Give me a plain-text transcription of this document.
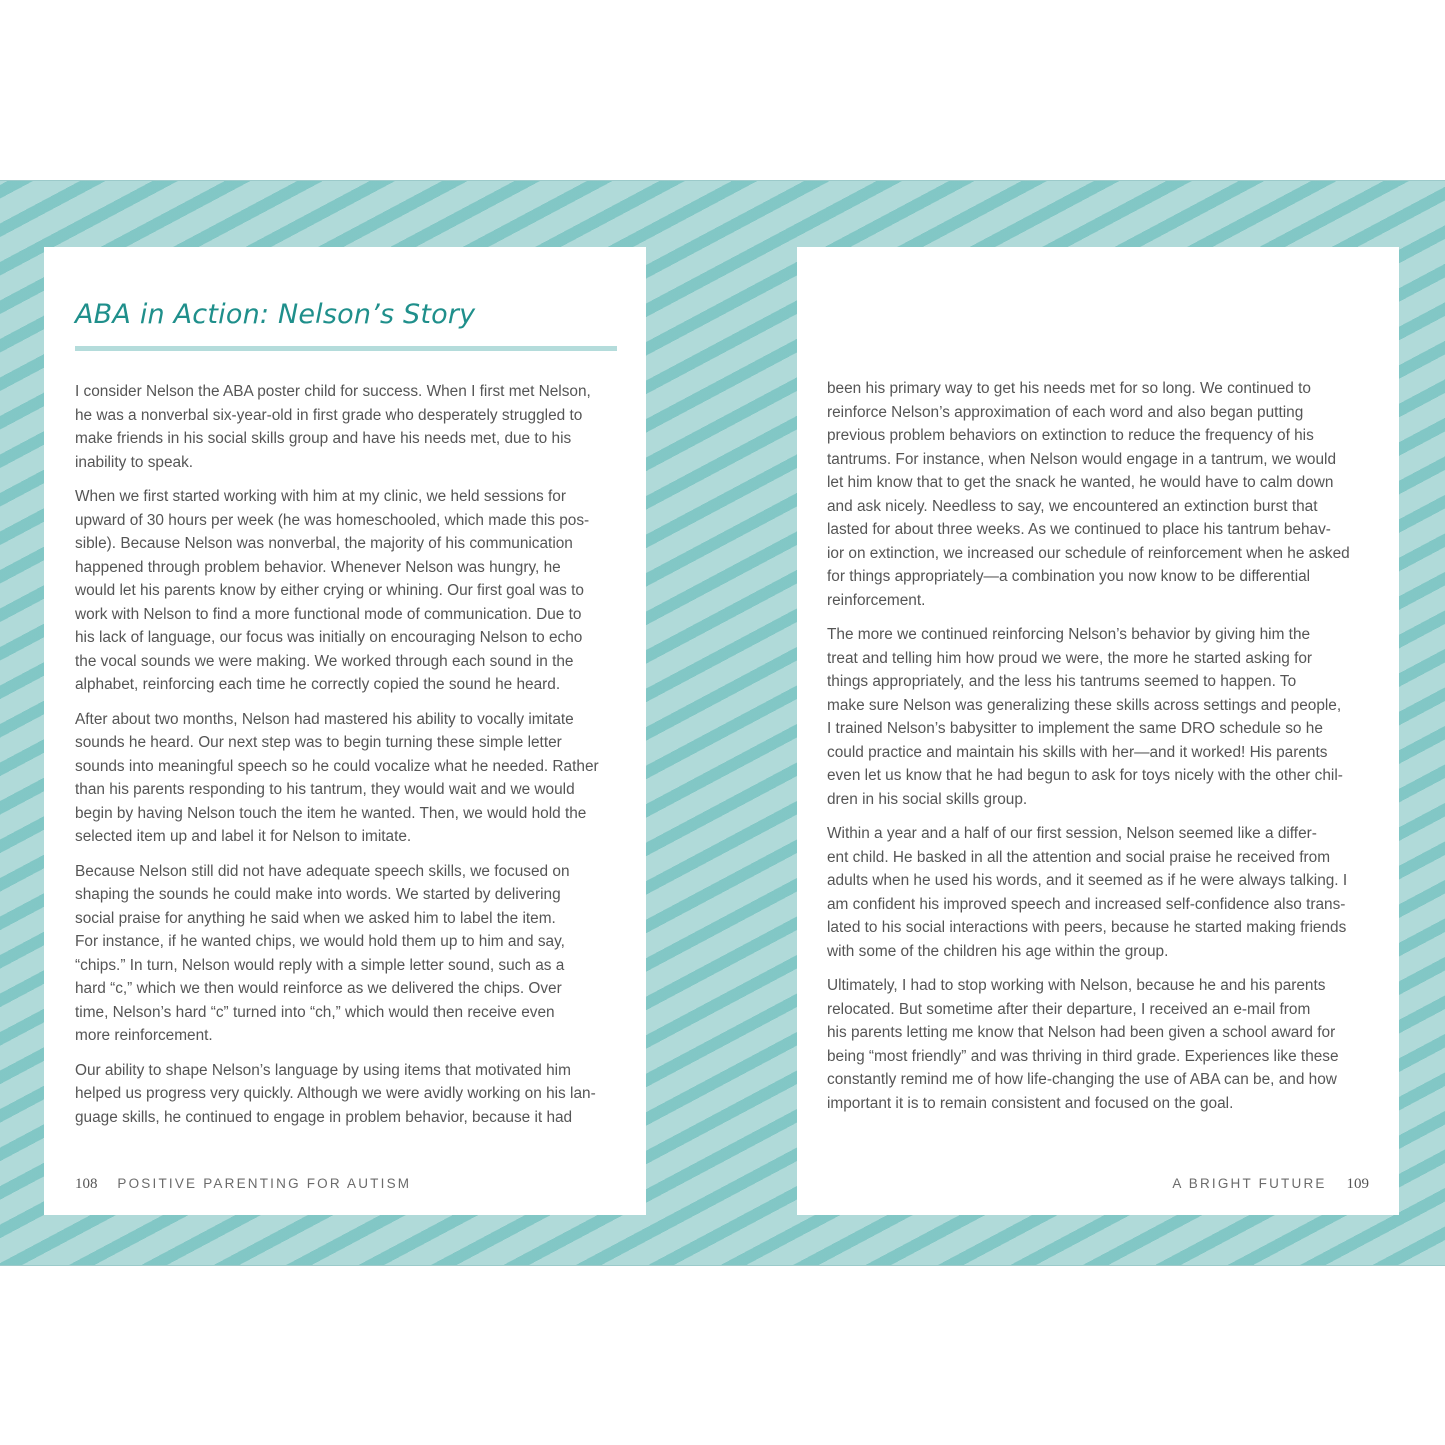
ABA in Action: Nelson’s Story

I consider Nelson the ABA poster child for success. When I first met Nelson,
he was a nonverbal six-year-old in first grade who desperately struggled to
make friends in his social skills group and have his needs met, due to his
inability to speak.

When we first started working with him at my clinic, we held sessions for
upward of 30 hours per week (he was homeschooled, which made this pos-
sible). Because Nelson was nonverbal, the majority of his communication
happened through problem behavior. Whenever Nelson was hungry, he
would let his parents know by either crying or whining. Our first goal was to
work with Nelson to find a more functional mode of communication. Due to
his lack of language, our focus was initially on encouraging Nelson to echo
the vocal sounds we were making. We worked through each sound in the
alphabet, reinforcing each time he correctly copied the sound he heard.

After about two months, Nelson had mastered his ability to vocally imitate
sounds he heard. Our next step was to begin turning these simple letter
sounds into meaningful speech so he could vocalize what he needed. Rather
than his parents responding to his tantrum, they would wait and we would
begin by having Nelson touch the item he wanted. Then, we would hold the
selected item up and label it for Nelson to imitate.

Because Nelson still did not have adequate speech skills, we focused on
shaping the sounds he could make into words. We started by delivering
social praise for anything he said when we asked him to label the item.
For instance, if he wanted chips, we would hold them up to him and say,
“chips.” In turn, Nelson would reply with a simple letter sound, such as a
hard “c,” which we then would reinforce as we delivered the chips. Over
time, Nelson’s hard “c” turned into “ch,” which would then receive even
more reinforcement.

Our ability to shape Nelson’s language by using items that motivated him
helped us progress very quickly. Although we were avidly working on his lan-
guage skills, he continued to engage in problem behavior, because it had

108 POSITIVE PARENTING FOR AUTISM

been his primary way to get his needs met for so long. We continued to
reinforce Nelson’s approximation of each word and also began putting
previous problem behaviors on extinction to reduce the frequency of his
tantrums. For instance, when Nelson would engage in a tantrum, we would
let him know that to get the snack he wanted, he would have to calm down
and ask nicely. Needless to say, we encountered an extinction burst that
lasted for about three weeks. As we continued to place his tantrum behav-
ior on extinction, we increased our schedule of reinforcement when he asked
for things appropriately—a combination you now know to be differential
reinforcement.

The more we continued reinforcing Nelson’s behavior by giving him the
treat and telling him how proud we were, the more he started asking for
things appropriately, and the less his tantrums seemed to happen. To
make sure Nelson was generalizing these skills across settings and people,
I trained Nelson’s babysitter to implement the same DRO schedule so he
could practice and maintain his skills with her—and it worked! His parents
even let us know that he had begun to ask for toys nicely with the other chil-
dren in his social skills group.

Within a year and a half of our first session, Nelson seemed like a differ-
ent child. He basked in all the attention and social praise he received from
adults when he used his words, and it seemed as if he were always talking. I
am confident his improved speech and increased self-confidence also trans-
lated to his social interactions with peers, because he started making friends
with some of the children his age within the group.

Ultimately, I had to stop working with Nelson, because he and his parents
relocated. But sometime after their departure, I received an e-mail from
his parents letting me know that Nelson had been given a school award for
being “most friendly” and was thriving in third grade. Experiences like these
constantly remind me of how life-changing the use of ABA can be, and how
important it is to remain consistent and focused on the goal.

A BRIGHT FUTURE 109
